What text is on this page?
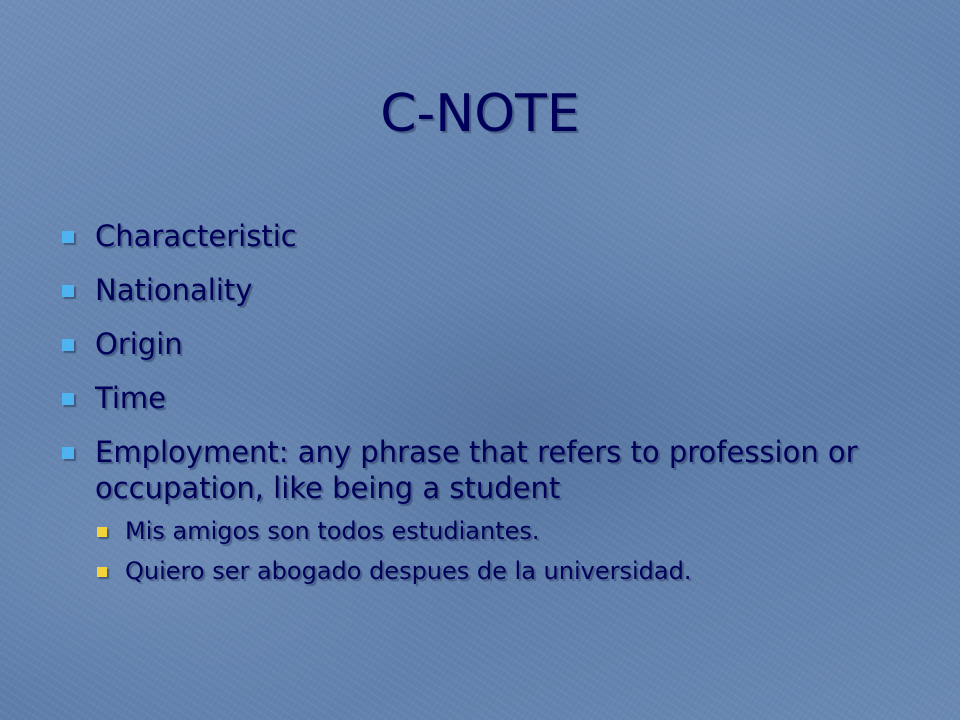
C-NOTE
Characteristic
Nationality
Origin
Time
Employment: any phrase that refers to profession or occupation, like being a student
Mis amigos son todos estudiantes.
Quiero ser abogado despues de la universidad.
